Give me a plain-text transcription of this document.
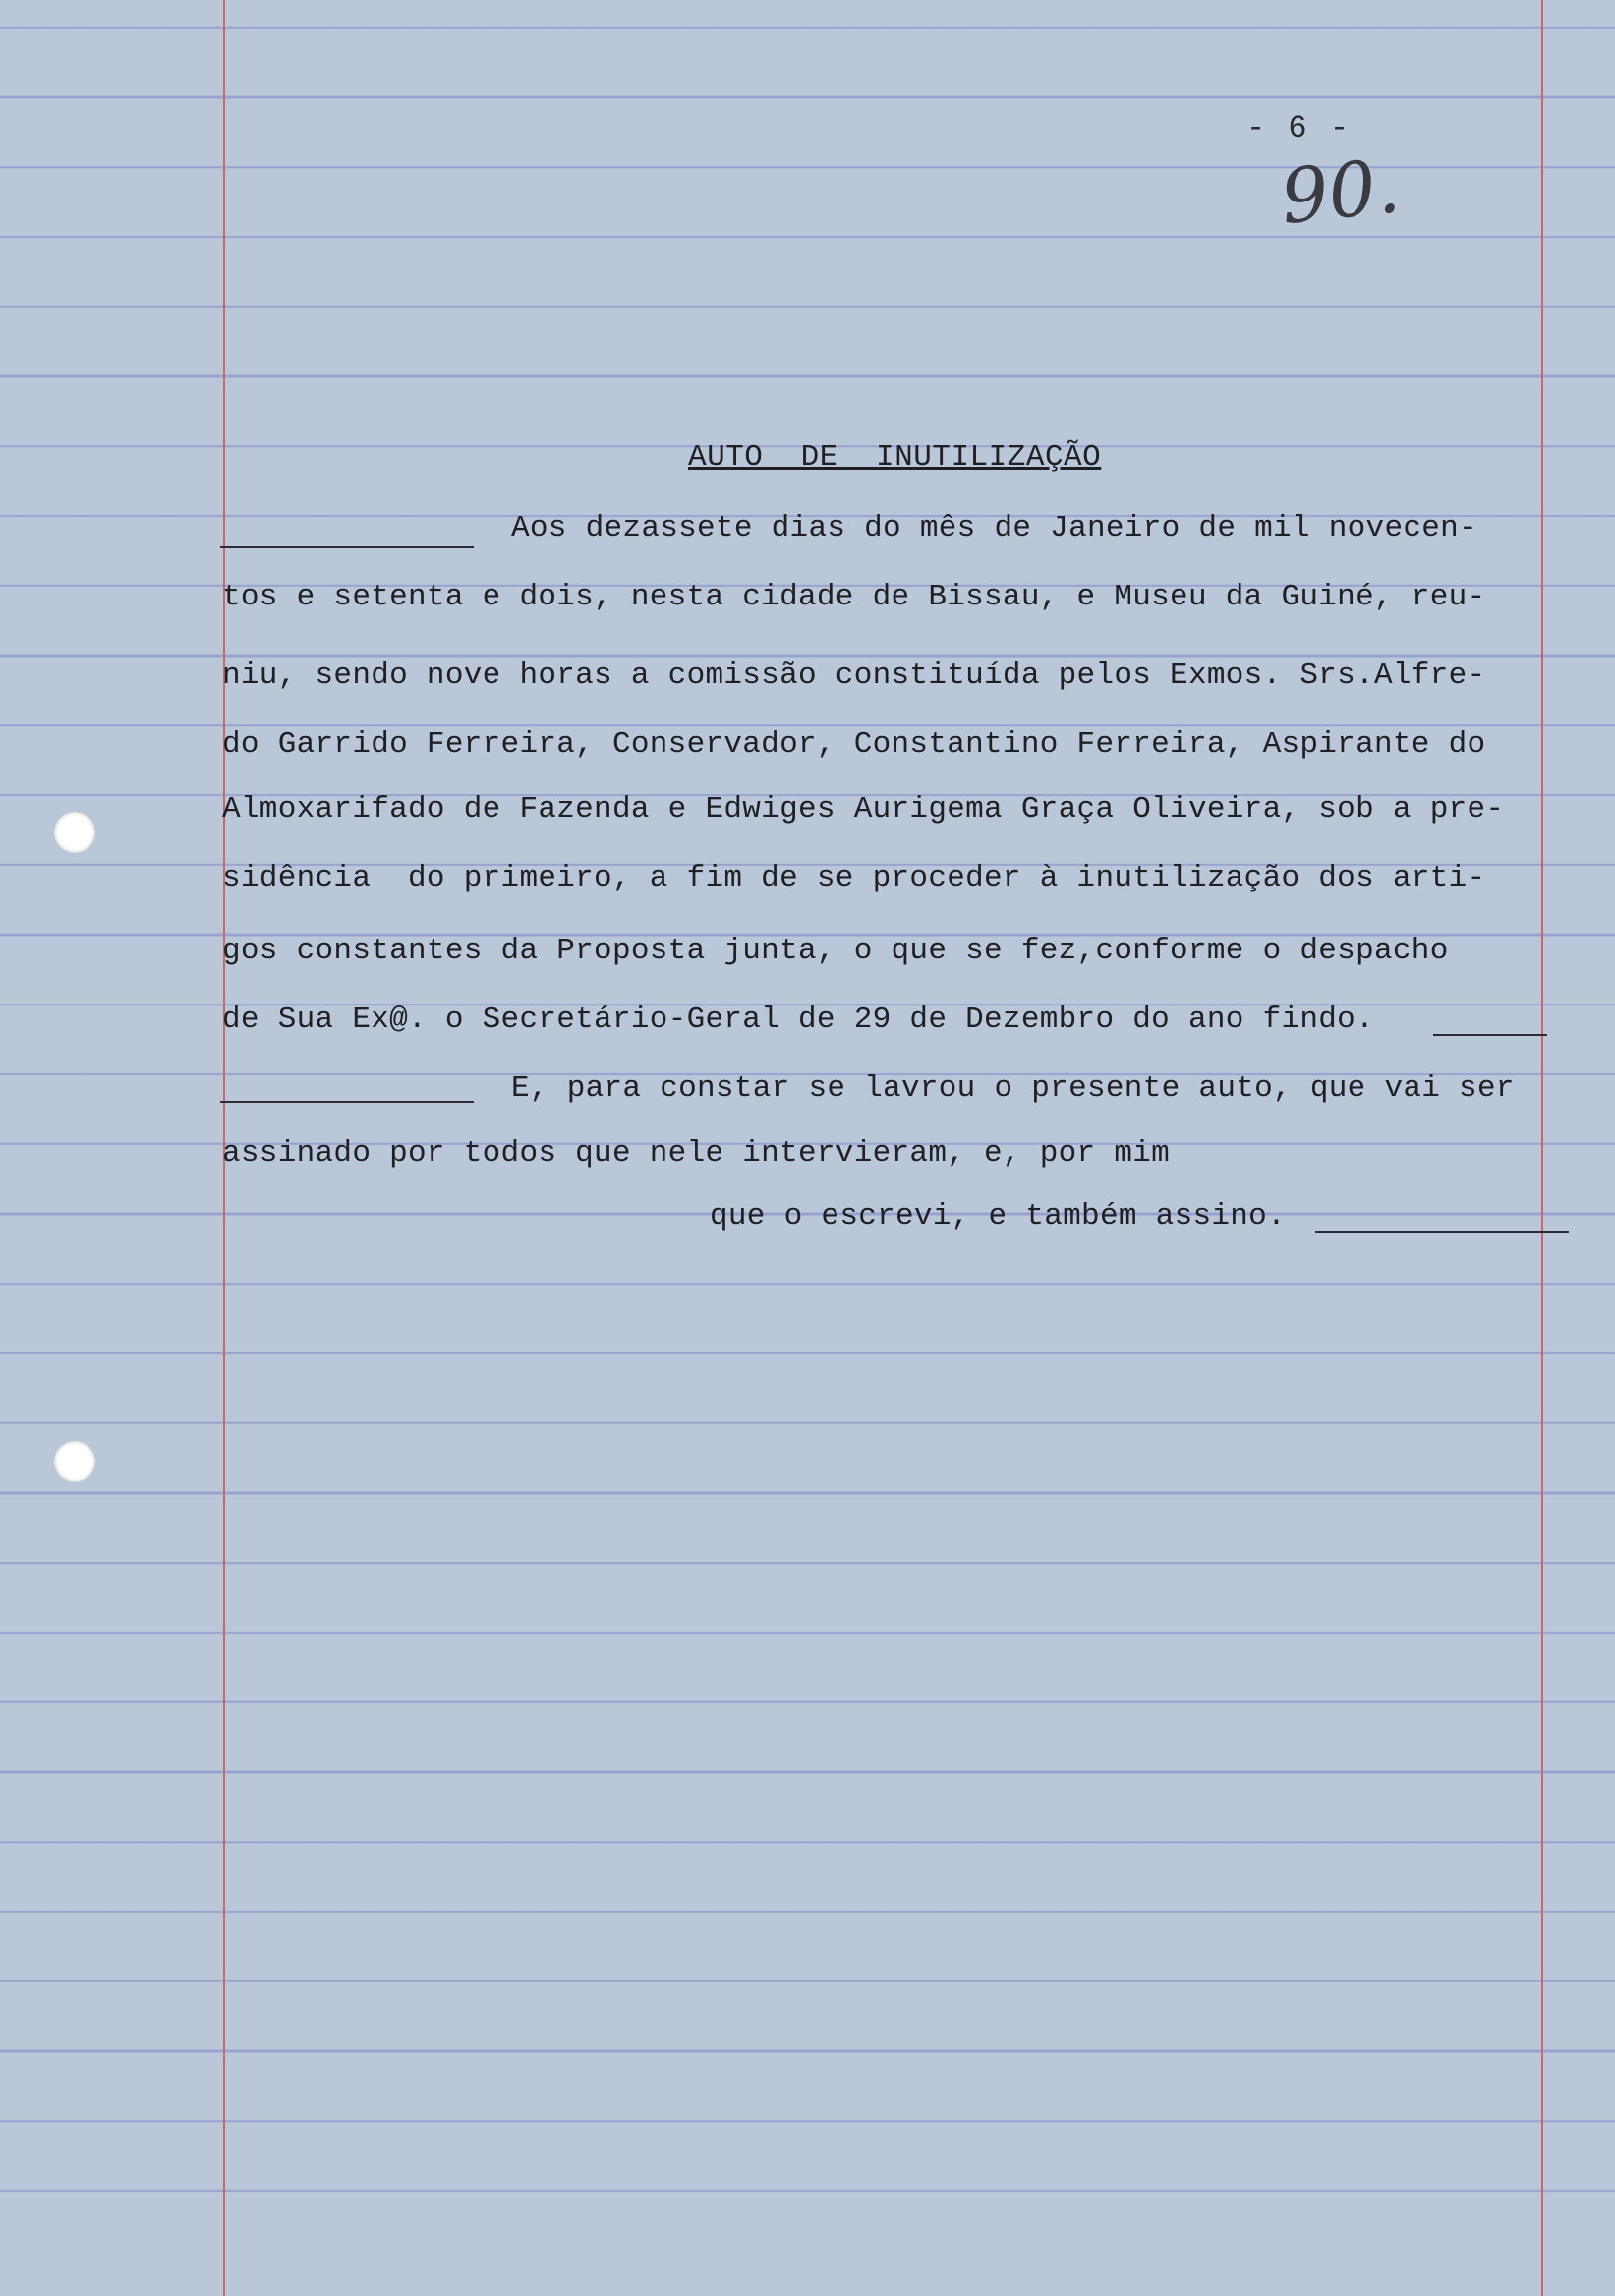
- 6 -
90.
AUTO  DE  INUTILIZAÇÃO
Aos dezassete dias do mês de Janeiro de mil novecen-
tos e setenta e dois, nesta cidade de Bissau, e Museu da Guiné, reu-
niu, sendo nove horas a comissão constituída pelos Exmos. Srs.Alfre-
do Garrido Ferreira, Conservador, Constantino Ferreira, Aspirante do
Almoxarifado de Fazenda e Edwiges Aurigema Graça Oliveira, sob a pre-
sidência  do primeiro, a fim de se proceder à inutilização dos arti-
gos constantes da Proposta junta, o que se fez,conforme o despacho
de Sua Ex@. o Secretário-Geral de 29 de Dezembro do ano findo.
E, para constar se lavrou o presente auto, que vai ser
assinado por todos que nele intervieram, e, por mim
que o escrevi, e também assino.
